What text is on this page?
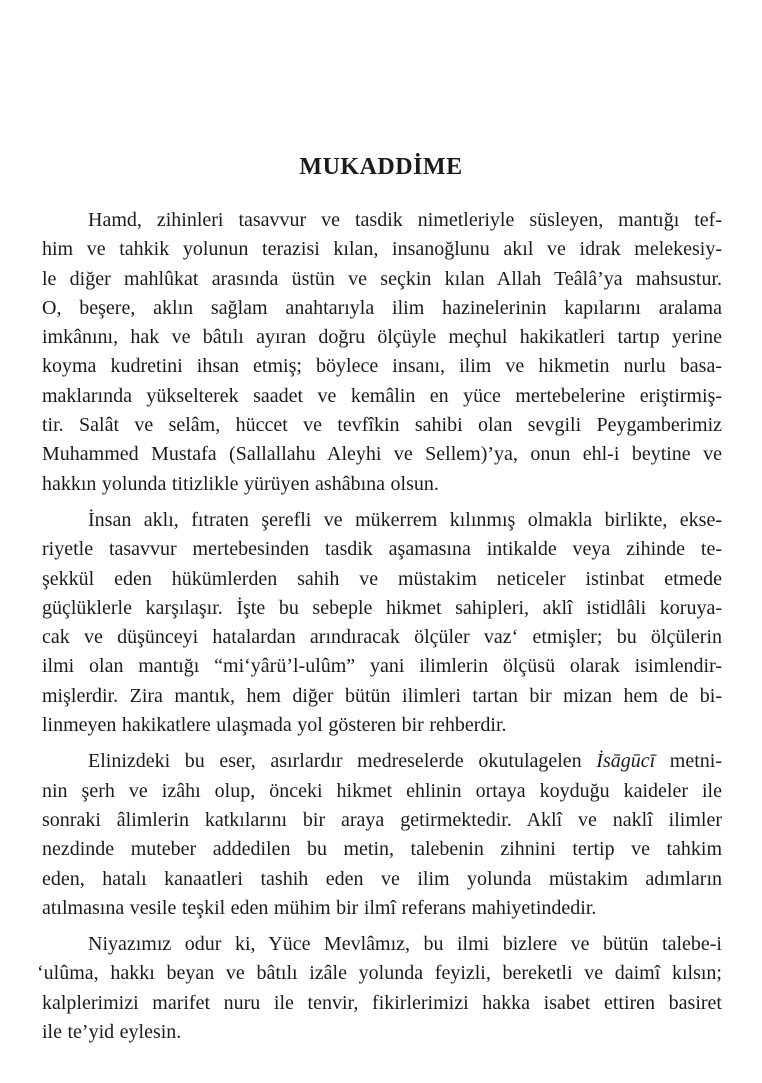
MUKADDİME
Hamd, zihinleri tasavvur ve tasdik nimetleriyle süsleyen, mantığı tef-
him ve tahkik yolunun terazisi kılan, insanoğlunu akıl ve idrak melekesiy-
le diğer mahlûkat arasında üstün ve seçkin kılan Allah Teâlâ’ya mahsustur.
O, beşere, aklın sağlam anahtarıyla ilim hazinelerinin kapılarını aralama
imkânını, hak ve bâtılı ayıran doğru ölçüyle meçhul hakikatleri tartıp yerine
koyma kudretini ihsan etmiş; böylece insanı, ilim ve hikmetin nurlu basa-
maklarında yükselterek saadet ve kemâlin en yüce mertebelerine eriştirmiş-
tir. Salât ve selâm, hüccet ve tevfîkin sahibi olan sevgili Peygamberimiz
Muhammed Mustafa (Sallallahu Aleyhi ve Sellem)’ya, onun ehl-i beytine ve
hakkın yolunda titizlikle yürüyen ashâbına olsun.
İnsan aklı, fıtraten şerefli ve mükerrem kılınmış olmakla birlikte, ekse-
riyetle tasavvur mertebesinden tasdik aşamasına intikalde veya zihinde te-
şekkül eden hükümlerden sahih ve müstakim neticeler istinbat etmede
güçlüklerle karşılaşır. İşte bu sebeple hikmet sahipleri, aklî istidlâli koruya-
cak ve düşünceyi hatalardan arındıracak ölçüler vaz‘ etmişler; bu ölçülerin
ilmi olan mantığı “mi‘yârü’l-ulûm” yani ilimlerin ölçüsü olarak isimlendir-
mişlerdir. Zira mantık, hem diğer bütün ilimleri tartan bir mizan hem de bi-
linmeyen hakikatlere ulaşmada yol gösteren bir rehberdir.
Elinizdeki bu eser, asırlardır medreselerde okutulagelen İsāgūcī metni-
nin şerh ve izâhı olup, önceki hikmet ehlinin ortaya koyduğu kaideler ile
sonraki âlimlerin katkılarını bir araya getirmektedir. Aklî ve naklî ilimler
nezdinde muteber addedilen bu metin, talebenin zihnini tertip ve tahkim
eden, hatalı kanaatleri tashih eden ve ilim yolunda müstakim adımların
atılmasına vesile teşkil eden mühim bir ilmî referans mahiyetindedir.
Niyazımız odur ki, Yüce Mevlâmız, bu ilmi bizlere ve bütün talebe-i
‘ulûma, hakkı beyan ve bâtılı izâle yolunda feyizli, bereketli ve daimî kılsın;
kalplerimizi marifet nuru ile tenvir, fikirlerimizi hakka isabet ettiren basiret
ile te’yid eylesin.
